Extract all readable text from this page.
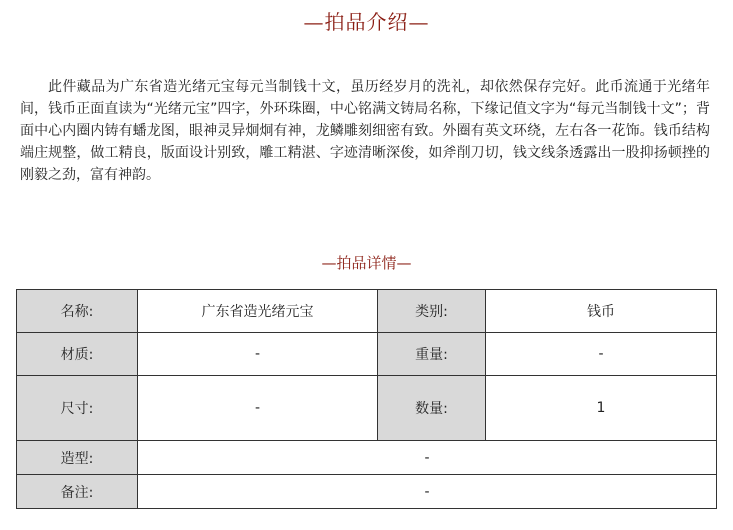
—拍品介绍—

此件藏品为广东省造光绪元宝每元当制钱十文，虽历经岁月的洗礼，却依然保存完好。此币流通于光绪年间，钱币正面直读为“光绪元宝”四字，外环珠圈，中心铭满文铸局名称，下缘记值文字为“每元当制钱十文”；背面中心内圈内铸有蟠龙图，眼神灵异炯炯有神，龙鳞雕刻细密有致。外圈有英文环绕，左右各一花饰。钱币结构端庄规整，做工精良，版面设计别致，雕工精湛、字迹清晰深俊，如斧削刀切，钱文线条透露出一股抑扬顿挫的刚毅之劲，富有神韵。

—拍品详情—
名称:	广东省造光绪元宝	类别:	钱币
材质:	-	重量:	-
尺寸:	-	数量:	1
造型:	-		
备注:	-		
